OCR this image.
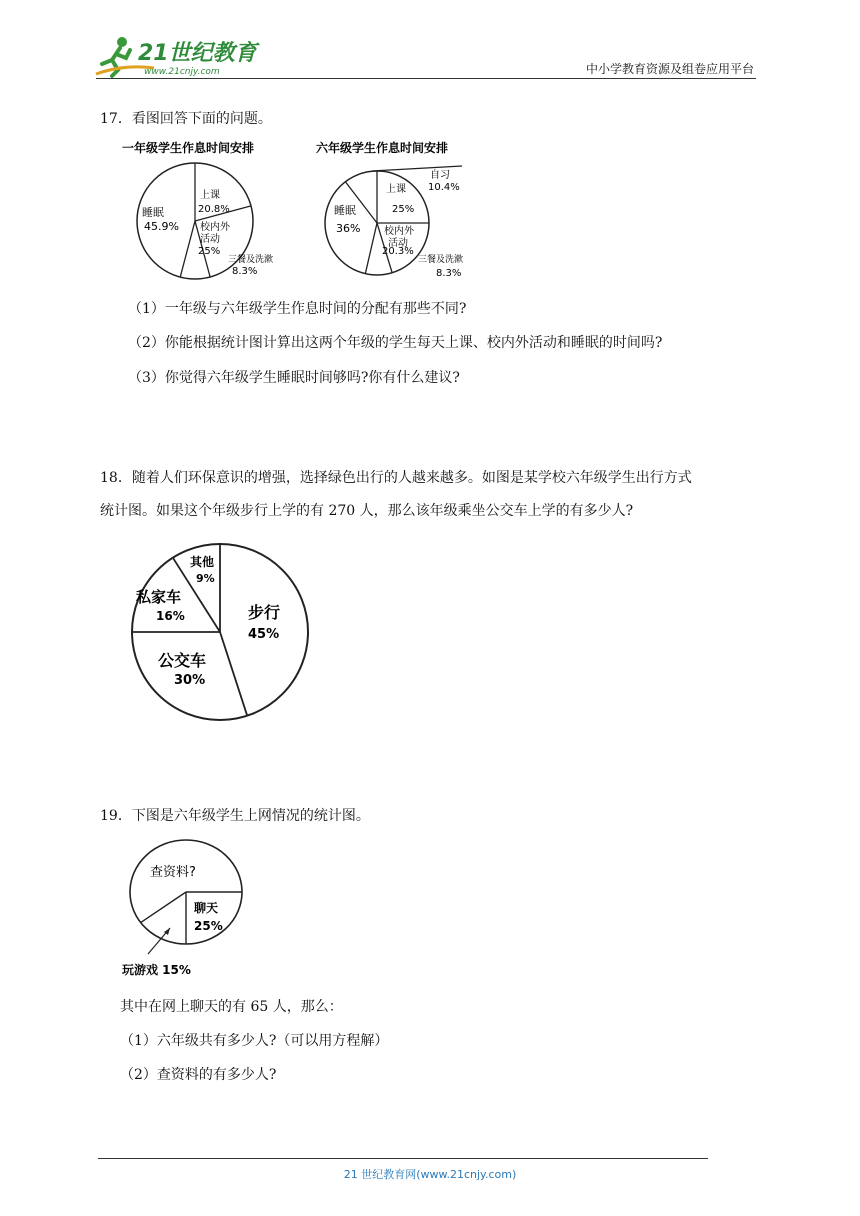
21世纪教育
www.21cnjy.com	中小学教育资源及组卷应用平台
17．看图回答下面的问题。
一年级学生作息时间安排
睡眠
45.9%
上课
20.8%
校内外
活动
25%
三餐及洗漱
8.3%
六年级学生作息时间安排
自习
10.4%
上课
25%
睡眠
36% 校内外
活动
20.3%
三餐及洗漱
8.3%
（1）一年级与六年级学生作息时间的分配有那些不同?
（2）你能根据统计图计算出这两个年级的学生每天上课、校内外活动和睡眠的时间吗?
（3）你觉得六年级学生睡眠时间够吗?你有什么建议?
18．随着人们环保意识的增强，选择绿色出行的人越来越多。如图是某学校六年级学生出行方式
统计图。如果这个年级步行上学的有 270 人，那么该年级乘坐公交车上学的有多少人?
步行
45%
公交车
30%
私家车
16%
其他
9%
19．下图是六年级学生上网情况的统计图。
查资料?
聊天
25%
玩游戏 15%
其中在网上聊天的有 65 人，那么：
（1）六年级共有多少人?（可以用方程解）
（2）查资料的有多少人?
21 世纪教育网(www.21cnjy.com)
